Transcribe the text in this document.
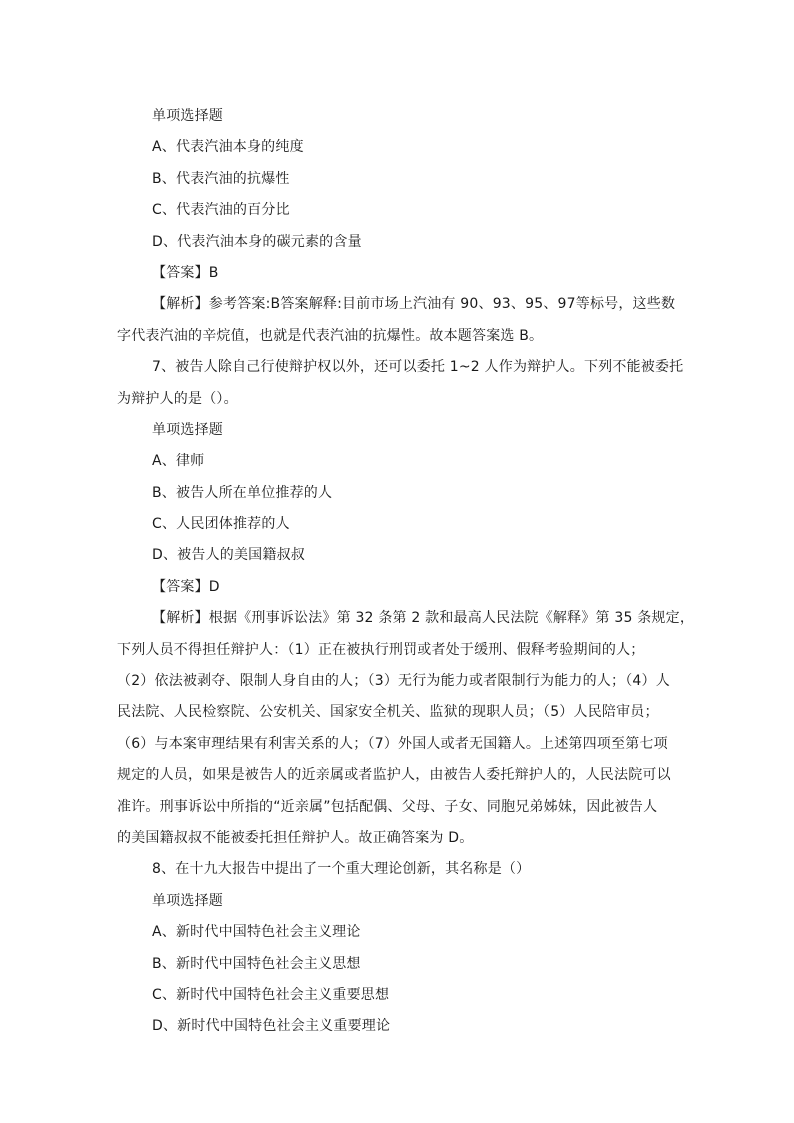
单项选择题
A、代表汽油本身的纯度
B、代表汽油的抗爆性
C、代表汽油的百分比
D、代表汽油本身的碳元素的含量
【答案】B
【解析】参考答案:B答案解释:目前市场上汽油有 90、93、95、97等标号，这些数
字代表汽油的辛烷值，也就是代表汽油的抗爆性。故本题答案选 B。
7、被告人除自己行使辩护权以外，还可以委托 1~2 人作为辩护人。下列不能被委托
为辩护人的是（）。
单项选择题
A、律师
B、被告人所在单位推荐的人
C、人民团体推荐的人
D、被告人的美国籍叔叔
【答案】D
【解析】根据《刑事诉讼法》第 32 条第 2 款和最高人民法院《解释》第 35 条规定，
下列人员不得担任辩护人：（1）正在被执行刑罚或者处于缓刑、假释考验期间的人；
（2）依法被剥夺、限制人身自由的人；（3）无行为能力或者限制行为能力的人；（4）人
民法院、人民检察院、公安机关、国家安全机关、监狱的现职人员；（5）人民陪审员；
（6）与本案审理结果有利害关系的人；（7）外国人或者无国籍人。上述第四项至第七项
规定的人员，如果是被告人的近亲属或者监护人，由被告人委托辩护人的，人民法院可以
准许。刑事诉讼中所指的“近亲属”包括配偶、父母、子女、同胞兄弟姊妹，因此被告人
的美国籍叔叔不能被委托担任辩护人。故正确答案为 D。
8、在十九大报告中提出了一个重大理论创新，其名称是（）
单项选择题
A、新时代中国特色社会主义理论
B、新时代中国特色社会主义思想
C、新时代中国特色社会主义重要思想
D、新时代中国特色社会主义重要理论
